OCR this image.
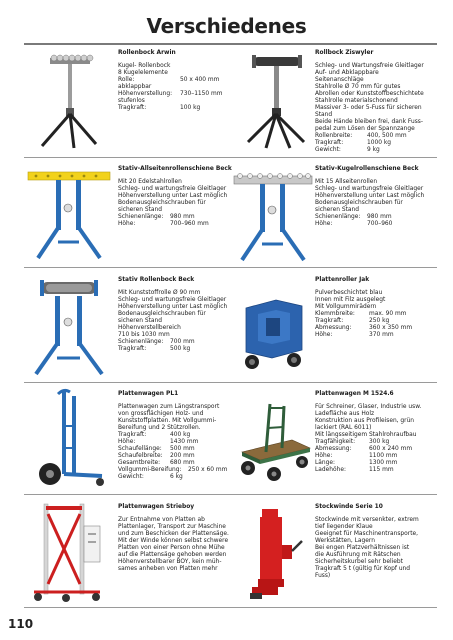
Verschiedenes
Rollenbock Arwin
Kugel- Rollenbock
8 Kugelelemente
Rolle:	50 x 400 mm
abklappbar
Höhenverstellung: 730–1150 mm
stufenlos
Tragkraft:	100 kg
Rollbock Ziswyler
Schleg- und Wartungsfreie Gleitlager
Auf- und Abklappbare
Seitenanschläge
Stahlrolle Ø 70 mm für gutes
Abrollen oder Kunststoffbeschichtete
Stahlrolle materialschonend
Massiver 3- oder 5-Fuss für sicheren
Stand
Beide Hände bleiben frei, dank Fuss-
pedal zum Lösen der Spannzange
Rollenbreite: 400, 500 mm
Tragkraft:	1000 kg
Gewicht:	9 kg
Stativ-Allseitenrollenschiene Beck
Mit 20 Edelstahlrollen
Schleg- und wartungsfreie Gleitlager
Höhenverstellung unter Last möglich
Bodenausgleichschrauben für
sicheren Stand
Schienenlänge: 980 mm
Höhe:	700–960 mm
Stativ-Kugelrollenschiene Beck
Mit 15 Allseitenrollen
Schleg- und wartungsfreie Gleitlager
Höhenverstellung unter Last möglich
Bodenausgleichschrauben für
sicheren Stand
Schienenlänge: 980 mm
Höhe:	700–960
Stativ Rollenbock Beck
Mit Kunststoffrolle Ø 90 mm
Schleg- und wartungsfreie Gleitlager
Höhenverstellung unter Last möglich
Bodenausgleichschrauben für
sicheren Stand
Höhenverstellbereich
710 bis 1030 mm
Schienenlänge: 700 mm
Tragkraft:	500 kg
Plattenroller Jak
Pulverbeschichtet blau
Innen mit Filz ausgelegt
Mit Vollgummirädern
Klemmbreite: max. 90 mm
Tragkraft:	250 kg
Abmessung:	360 x 350 mm
Höhe:	370 mm
Plattenwagen PL1
Plattenwagen zum Längstransport
von grossflächigen Holz- und
Kunststoffplatten. Mit Vollgummi-
Bereifung und 2 Stützrollen.
Tragkraft:	400 kg
Höhe:	1430 mm
Schaufellänge: 500 mm
Schaufelbreite: 200 mm
Gesamtbreite: 680 mm
Vollgummi-Bereifung: 250 x 60 mm
Gewicht:	6 kg
Plattenwagen M 1524.6
Für Schreiner, Glaser, Industrie usw.
Ladefläche aus Holz
Konstruktion aus Profileisen, grün
lackiert (RAL 6011)
Mit längsseitigem Stahlrohraufbau
Tragfähigkeit: 300 kg
Abmessung:	600 x 240 mm
Höhe:	1100 mm
Länge:	1300 mm
Ladehöhe:	115 mm
Plattenwagen Strieboy
Zur Entnahme von Platten ab
Plattenlager, Transport zur Maschine
und zum Beschicken der Plattensäge.
Mit der Winde können selbst schwere
Platten von einer Person ohne Mühe
auf die Plattensäge gehoben werden
Höhenverstellbarer BOY, kein müh-
sames anheben von Platten mehr
Stockwinde Serie 10
Stockwinde mit versenkter, extrem
tief liegender Klaue
Geeignet für Maschinentransporte,
Werkstätten, Lagern
Bei engen Platzverhältnissen ist
die Ausführung mit Rätschen
Sicherheitskurbel sehr beliebt
Tragkraft 5 t (gültig für Kopf und
Fuss)
110
